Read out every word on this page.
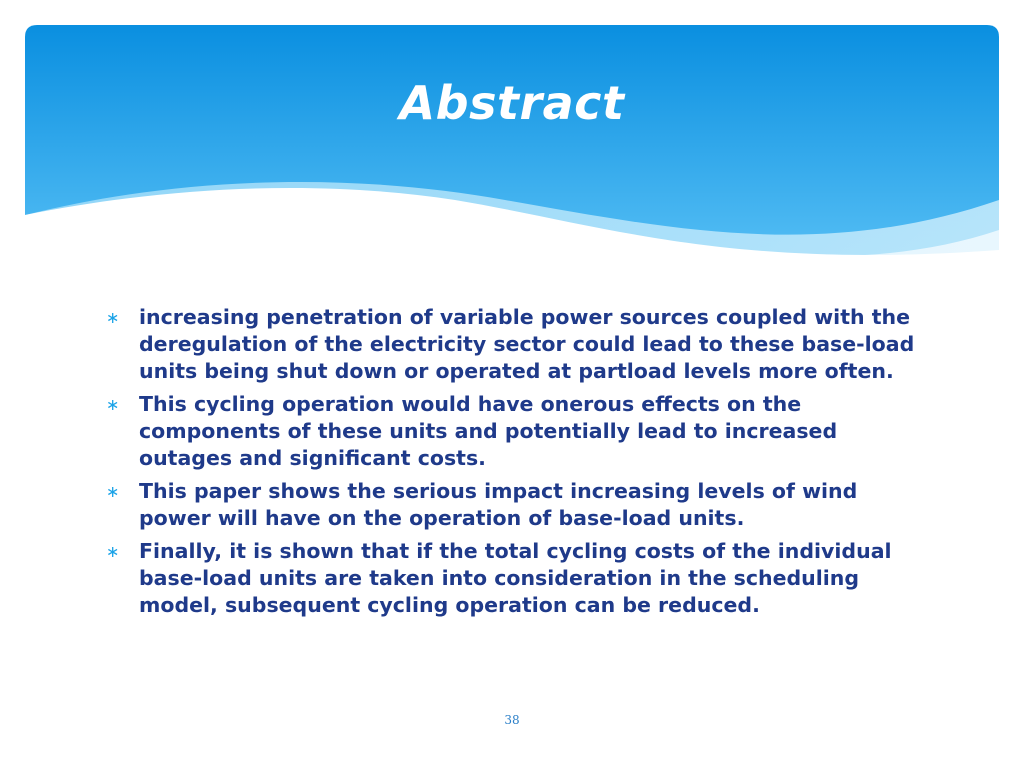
Abstract
∗ increasing penetration of variable power sources coupled with the deregulation of the electricity sector could lead to these base-load units being shut down or operated at partload levels more often.
∗ This cycling operation would have onerous effects on the components of these units and potentially lead to increased outages and significant costs.
∗ This paper shows the serious impact increasing levels of wind power will have on the operation of base-load units.
∗ Finally, it is shown that if the total cycling costs of the individual base-load units are taken into consideration in the scheduling model, subsequent cycling operation can be reduced.
38
